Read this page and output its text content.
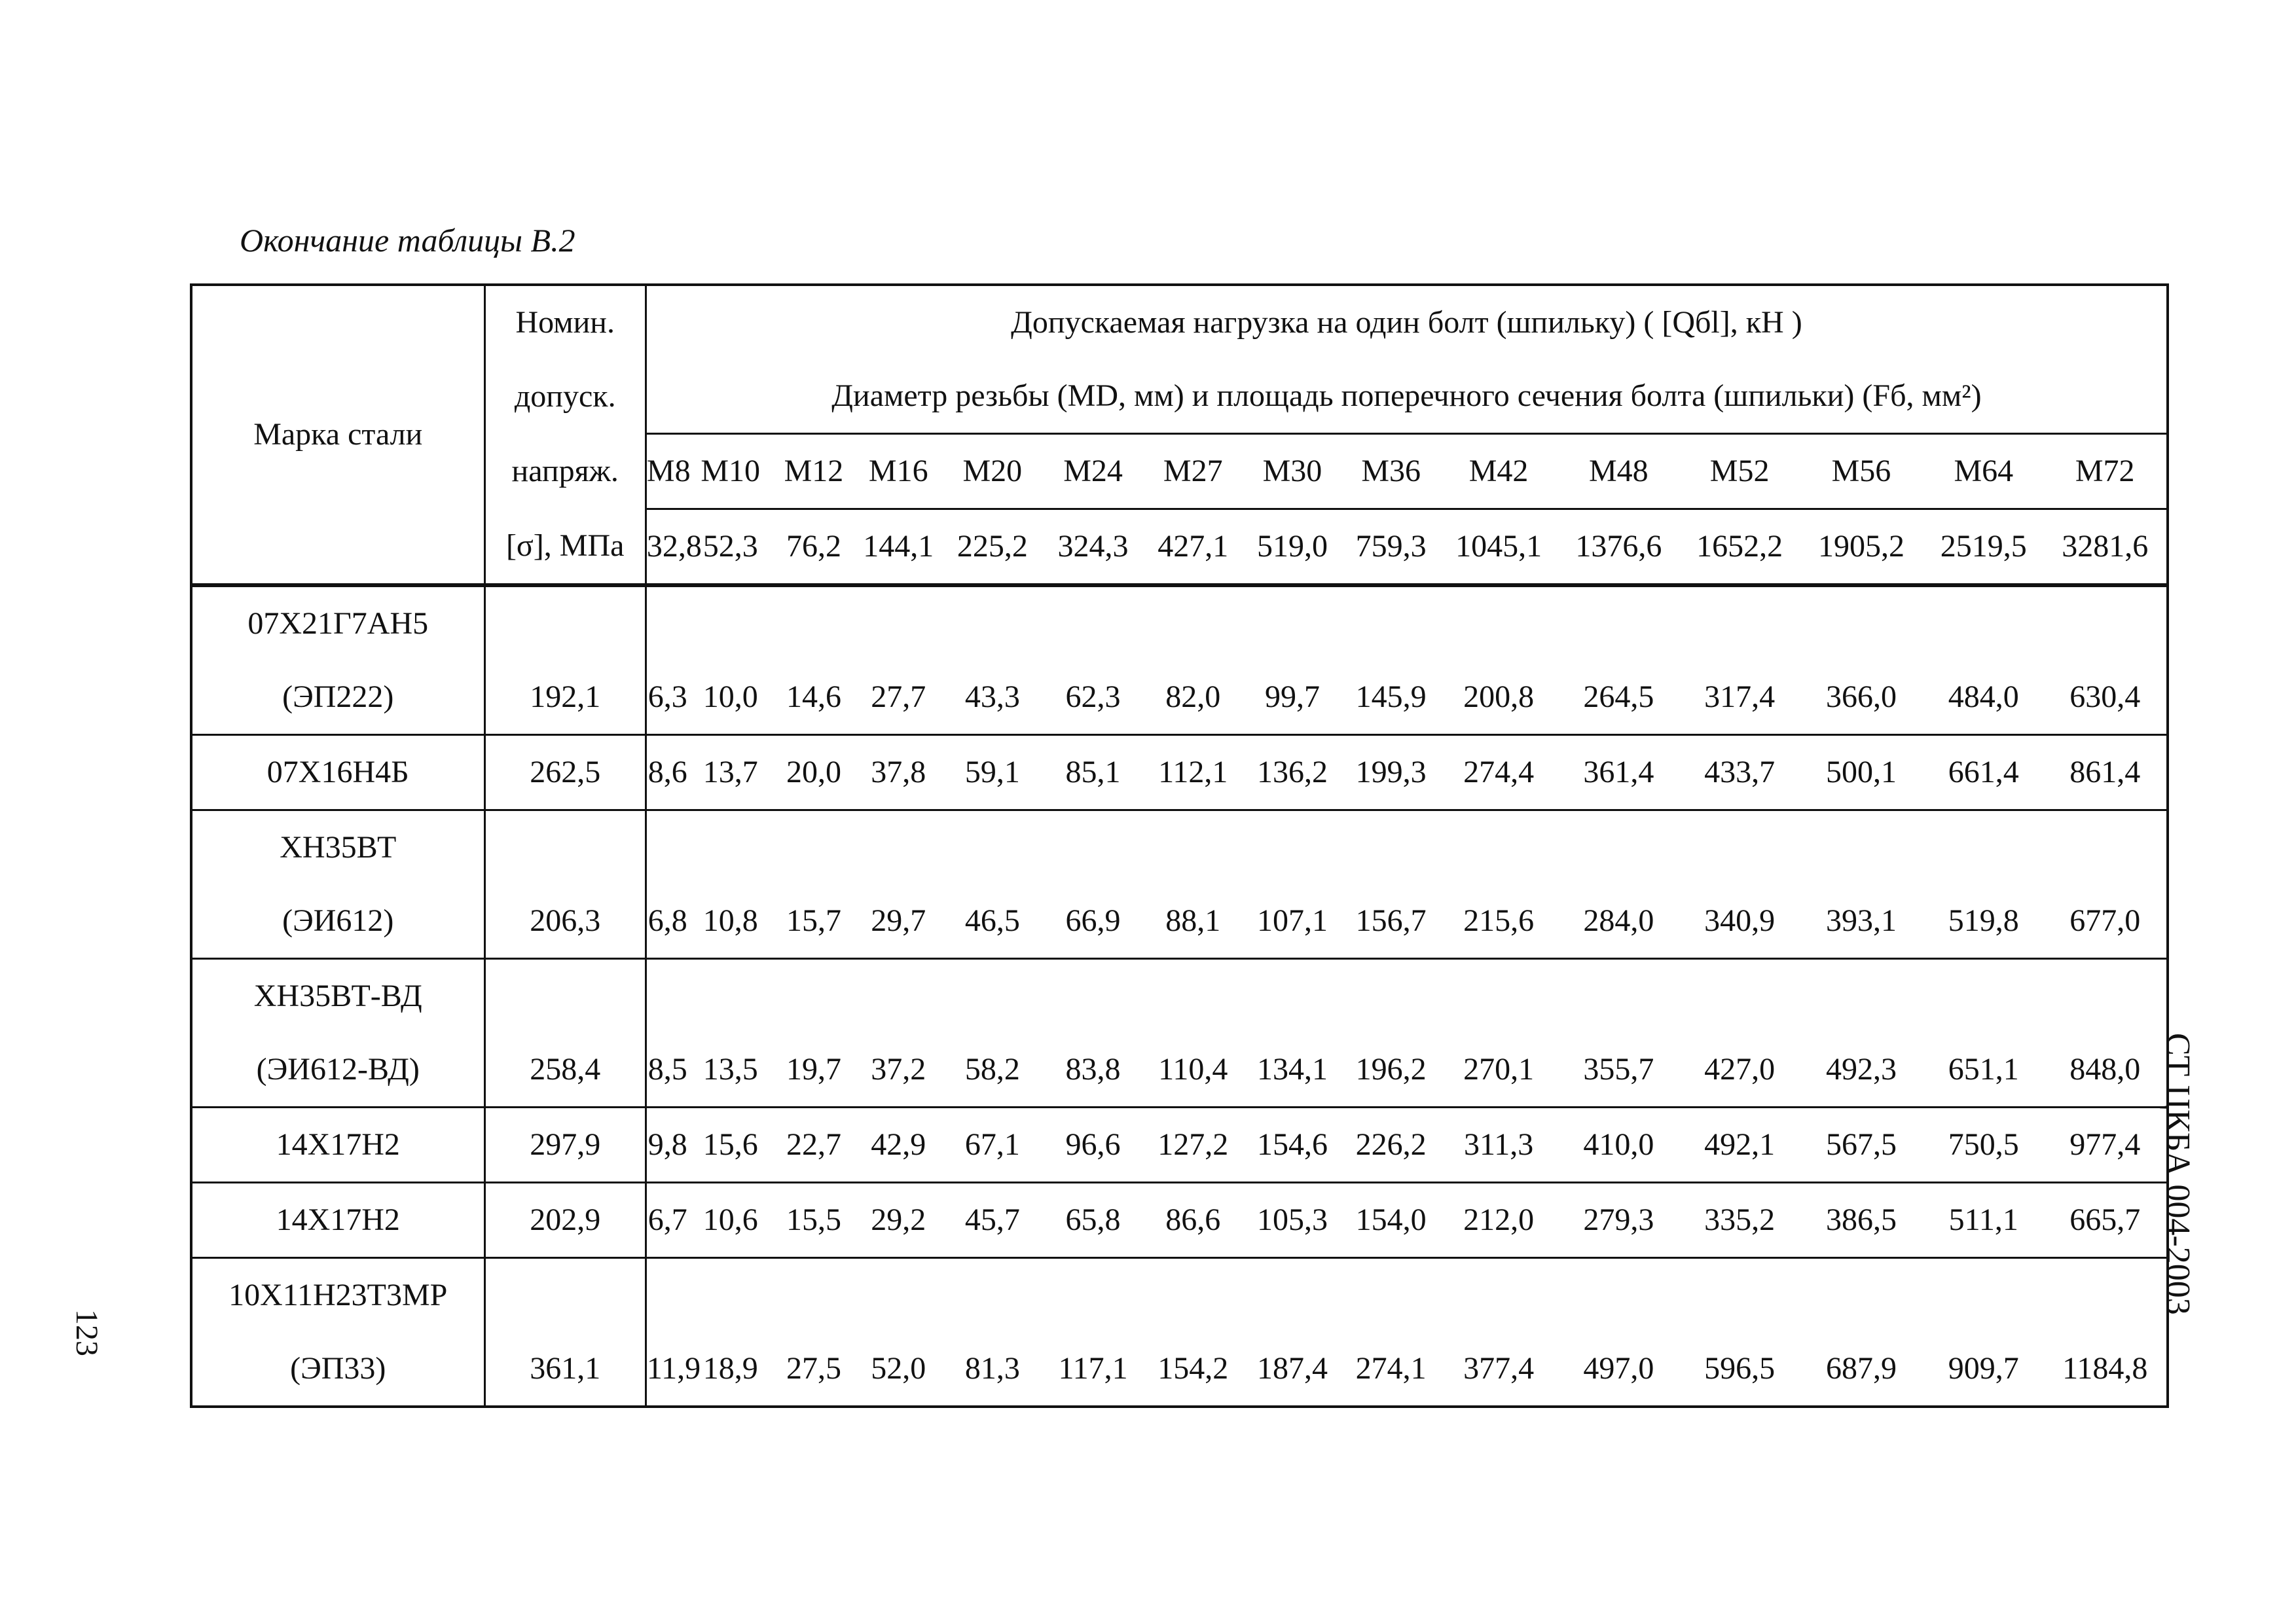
Окончание таблицы В.2
123
СТ ЦКБА 004-2003
Марка стали	Номин.	Допускаемая нагрузка на один болт (шпильку) ( [Qбl], кН )														
	допуск.	Диаметр резьбы (MD, мм) и площадь поперечного сечения болта (шпильки) (Fб, мм²)														
	напряж.	М8	М10	М12	М16	М20	М24	М27	М30	М36	М42	М48	М52	М56	М64	М72
	[σ], МПа	32,8	52,3	76,2	144,1	225,2	324,3	427,1	519,0	759,3	1045,1	1376,6	1652,2	1905,2	2519,5	3281,6
07Х21Г7АН5																
(ЭП222)	192,1	6,3	10,0	14,6	27,7	43,3	62,3	82,0	99,7	145,9	200,8	264,5	317,4	366,0	484,0	630,4
07Х16Н4Б	262,5	8,6	13,7	20,0	37,8	59,1	85,1	112,1	136,2	199,3	274,4	361,4	433,7	500,1	661,4	861,4
ХН35ВТ																
(ЭИ612)	206,3	6,8	10,8	15,7	29,7	46,5	66,9	88,1	107,1	156,7	215,6	284,0	340,9	393,1	519,8	677,0
ХН35ВТ-ВД																
(ЭИ612-ВД)	258,4	8,5	13,5	19,7	37,2	58,2	83,8	110,4	134,1	196,2	270,1	355,7	427,0	492,3	651,1	848,0
14Х17Н2	297,9	9,8	15,6	22,7	42,9	67,1	96,6	127,2	154,6	226,2	311,3	410,0	492,1	567,5	750,5	977,4
14Х17Н2	202,9	6,7	10,6	15,5	29,2	45,7	65,8	86,6	105,3	154,0	212,0	279,3	335,2	386,5	511,1	665,7
10Х11Н23Т3МР																
(ЭП33)	361,1	11,9	18,9	27,5	52,0	81,3	117,1	154,2	187,4	274,1	377,4	497,0	596,5	687,9	909,7	1184,8
